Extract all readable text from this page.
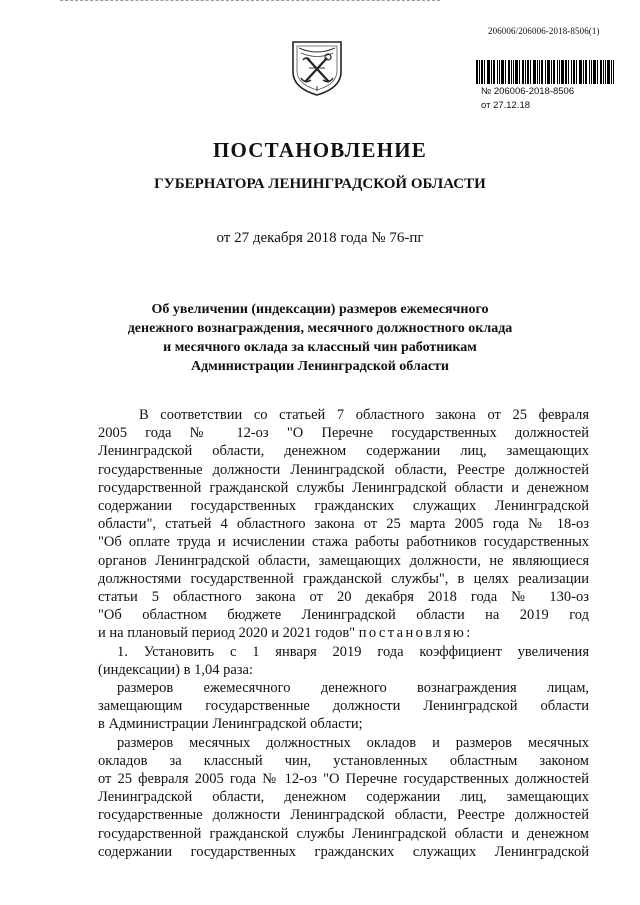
206006/206006-2018-8506(1)
№ 206006-2018-8506
от 27.12.18
ПОСТАНОВЛЕНИЕ
ГУБЕРНАТОРА ЛЕНИНГРАДСКОЙ ОБЛАСТИ
от 27 декабря 2018 года № 76-пг
Об увеличении (индексации) размеров ежемесячного
денежного вознаграждения, месячного должностного оклада
и месячного оклада за классный чин работникам
Администрации Ленинградской области
В соответствии со статьей 7 областного закона от 25 февраля
2005 года № 12-оз "О Перечне государственных должностей
Ленинградской области, денежном содержании лиц, замещающих
государственные должности Ленинградской области, Реестре должностей
государственной гражданской службы Ленинградской области и денежном
содержании государственных гражданских служащих Ленинградской
области", статьей 4 областного закона от 25 марта 2005 года № 18-оз
"Об оплате труда и исчислении стажа работы работников государственных
органов Ленинградской области, замещающих должности, не являющиеся
должностями государственной гражданской службы", в целях реализации
статьи 5 областного закона от 20 декабря 2018 года № 130-оз
"Об областном бюджете Ленинградской области на 2019 год
и на плановый период 2020 и 2021 годов" постановляю:
1. Установить с 1 января 2019 года коэффициент увеличения
(индексации) в 1,04 раза:
размеров ежемесячного денежного вознаграждения лицам,
замещающим государственные должности Ленинградской области
в Администрации Ленинградской области;
размеров месячных должностных окладов и размеров месячных
окладов за классный чин, установленных областным законом
от 25 февраля 2005 года № 12-оз "О Перечне государственных должностей
Ленинградской области, денежном содержании лиц, замещающих
государственные должности Ленинградской области, Реестре должностей
государственной гражданской службы Ленинградской области и денежном
содержании государственных гражданских служащих Ленинградской
